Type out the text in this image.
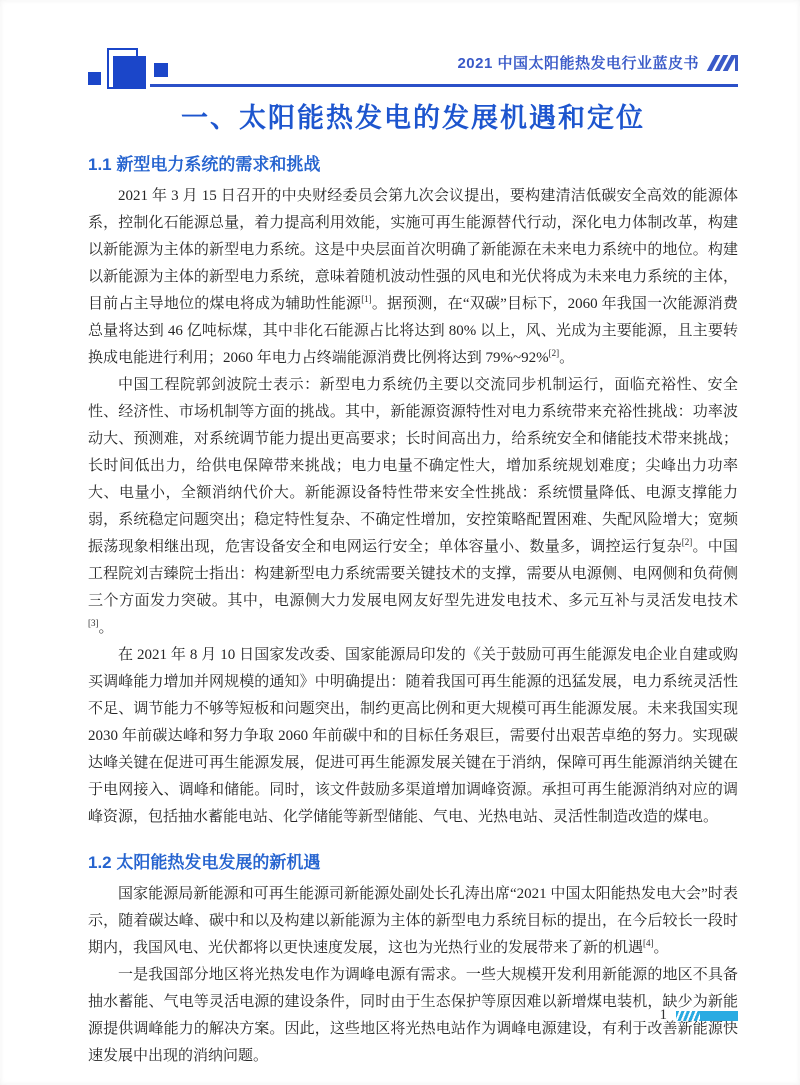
2021 中国太阳能热发电行业蓝皮书
一、太阳能热发电的发展机遇和定位
1.1 新型电力系统的需求和挑战

2021 年 3 月 15 日召开的中央财经委员会第九次会议提出，要构建清洁低碳安全高效的能源体系，控制化石能源总量，着力提高利用效能，实施可再生能源替代行动，深化电力体制改革，构建以新能源为主体的新型电力系统。这是中央层面首次明确了新能源在未来电力系统中的地位。构建以新能源为主体的新型电力系统，意味着随机波动性强的风电和光伏将成为未来电力系统的主体，目前占主导地位的煤电将成为辅助性能源[1]。据预测，在“双碳”目标下，2060 年我国一次能源消费总量将达到 46 亿吨标煤，其中非化石能源占比将达到 80% 以上，风、光成为主要能源，且主要转换成电能进行利用；2060 年电力占终端能源消费比例将达到 79%~92%[2]。

中国工程院郭剑波院士表示：新型电力系统仍主要以交流同步机制运行，面临充裕性、安全性、经济性、市场机制等方面的挑战。其中，新能源资源特性对电力系统带来充裕性挑战：功率波动大、预测难，对系统调节能力提出更高要求；长时间高出力，给系统安全和储能技术带来挑战；长时间低出力，给供电保障带来挑战；电力电量不确定性大，增加系统规划难度；尖峰出力功率大、电量小，全额消纳代价大。新能源设备特性带来安全性挑战：系统惯量降低、电源支撑能力弱，系统稳定问题突出；稳定特性复杂、不确定性增加，安控策略配置困难、失配风险增大；宽频振荡现象相继出现，危害设备安全和电网运行安全；单体容量小、数量多，调控运行复杂[2]。中国工程院刘吉臻院士指出：构建新型电力系统需要关键技术的支撑，需要从电源侧、电网侧和负荷侧三个方面发力突破。其中，电源侧大力发展电网友好型先进发电技术、多元互补与灵活发电技术[3]。

在 2021 年 8 月 10 日国家发改委、国家能源局印发的《关于鼓励可再生能源发电企业自建或购买调峰能力增加并网规模的通知》中明确提出：随着我国可再生能源的迅猛发展，电力系统灵活性不足、调节能力不够等短板和问题突出，制约更高比例和更大规模可再生能源发展。未来我国实现 2030 年前碳达峰和努力争取 2060 年前碳中和的目标任务艰巨，需要付出艰苦卓绝的努力。实现碳达峰关键在促进可再生能源发展，促进可再生能源发展关键在于消纳，保障可再生能源消纳关键在于电网接入、调峰和储能。同时，该文件鼓励多渠道增加调峰资源。承担可再生能源消纳对应的调峰资源，包括抽水蓄能电站、化学储能等新型储能、气电、光热电站、灵活性制造改造的煤电。

1.2 太阳能热发电发展的新机遇

国家能源局新能源和可再生能源司新能源处副处长孔涛出席“2021 中国太阳能热发电大会”时表示，随着碳达峰、碳中和以及构建以新能源为主体的新型电力系统目标的提出，在今后较长一段时期内，我国风电、光伏都将以更快速度发展，这也为光热行业的发展带来了新的机遇[4]。

一是我国部分地区将光热发电作为调峰电源有需求。一些大规模开发利用新能源的地区不具备抽水蓄能、气电等灵活电源的建设条件，同时由于生态保护等原因难以新增煤电装机，缺少为新能源提供调峰能力的解决方案。因此，这些地区将光热电站作为调峰电源建设，有利于改善新能源快速发展中出现的消纳问题。

1
